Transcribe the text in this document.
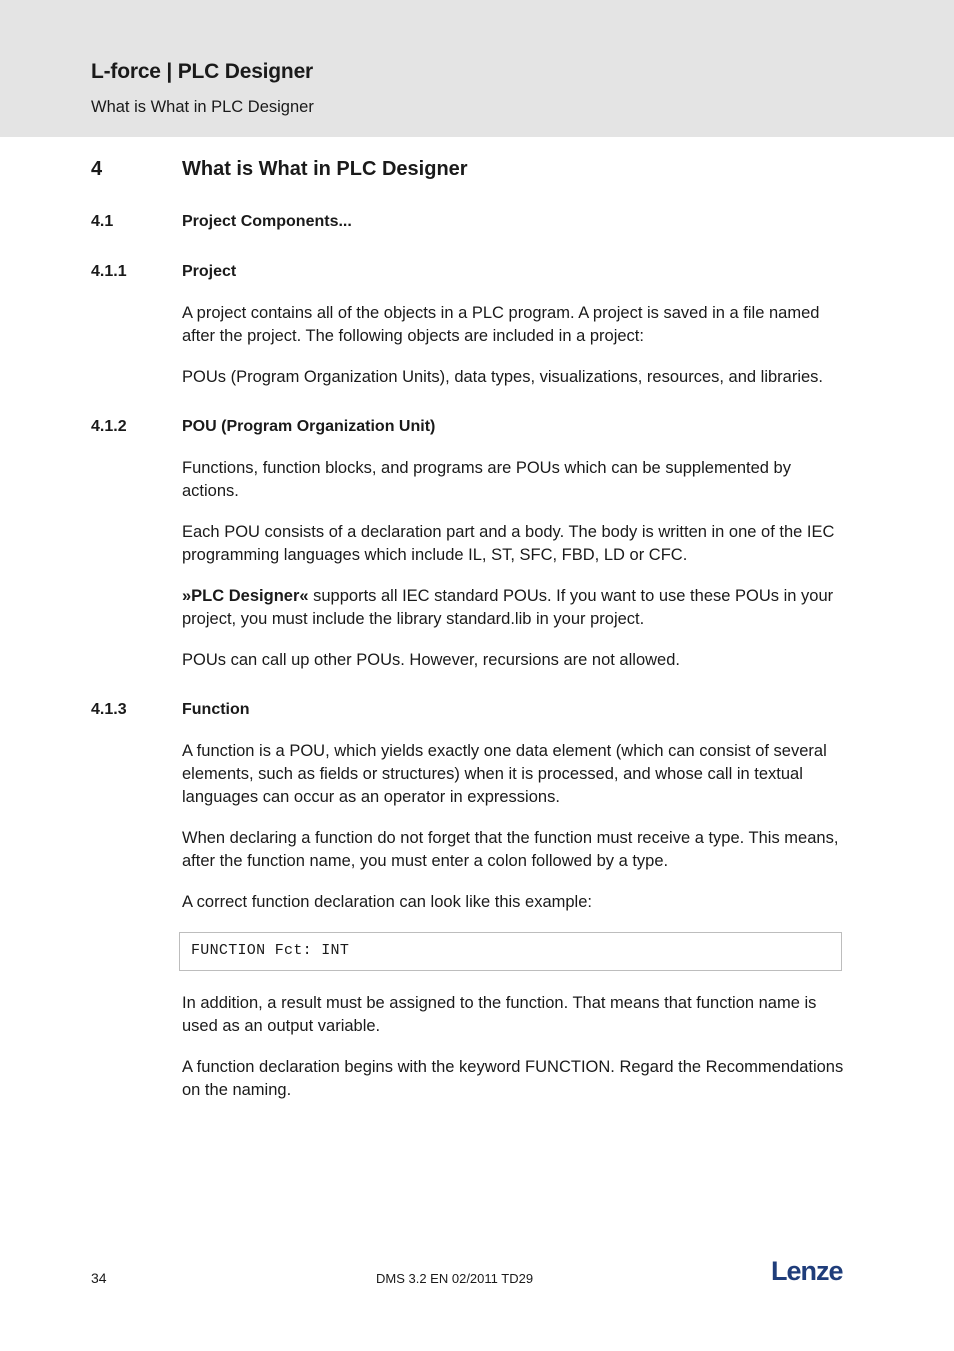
L-force | PLC Designer
What is What in PLC Designer
4	What is What in PLC Designer
4.1	Project Components...
4.1.1	Project
A project contains all of the objects in a PLC program. A project is saved in a file named after the project. The following objects are included in a project:
POUs (Program Organization Units), data types, visualizations, resources, and libraries.
4.1.2	POU (Program Organization Unit)
Functions, function blocks, and programs are POUs which can be supplemented by actions.
Each POU consists of a declaration part and a body. The body is written in one of the IEC programming languages which include IL, ST, SFC, FBD, LD or CFC.
»PLC Designer« supports all IEC standard POUs. If you want to use these POUs in your project, you must include the library standard.lib in your project.
POUs can call up other POUs. However, recursions are not allowed.
4.1.3	Function
A function is a POU, which yields exactly one data element (which can consist of several elements, such as fields or structures) when it is processed, and whose call in textual languages can occur as an operator in expressions.
When declaring a function do not forget that the function must receive a type. This means, after the function name, you must enter a colon followed by a type.
A correct function declaration can look like this example:
FUNCTION Fct: INT
In addition, a result must be assigned to the function. That means that function name is used as an output variable.
A function declaration begins with the keyword FUNCTION. Regard the Recommendations on the naming.
34	DMS 3.2 EN 02/2011 TD29	Lenze
